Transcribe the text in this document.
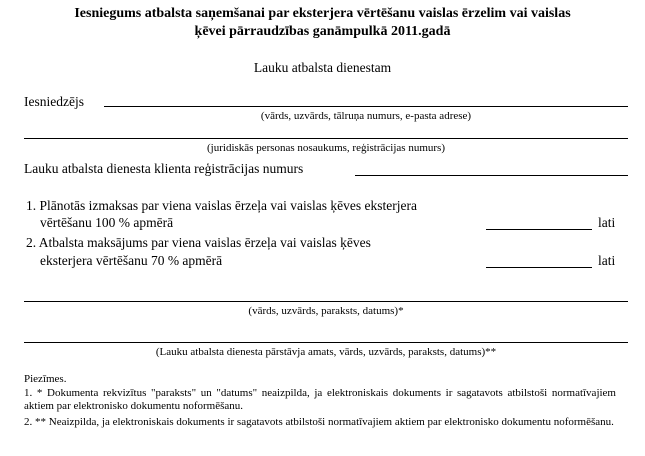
Iesniegums atbalsta saņemšanai par eksterjera vērtēšanu vaislas ērzelim vai vaislas
ķēvei pārraudzības ganāmpulkā 2011.gadā
Lauku atbalsta dienestam
Iesniedzējs
(vārds, uzvārds, tālruņa numurs, e-pasta adrese)
(juridiskās personas nosaukums, reģistrācijas numurs)
Lauku atbalsta dienesta klienta reģistrācijas numurs
1. Plānotās izmaksas par viena vaislas ērzeļa vai vaislas ķēves eksterjera
vērtēšanu 100 % apmērā	lati
2. Atbalsta maksājums par viena vaislas ērzeļa vai vaislas ķēves
eksterjera vērtēšanu 70 % apmērā	lati
(vārds, uzvārds, paraksts, datums)*
(Lauku atbalsta dienesta pārstāvja amats, vārds, uzvārds, paraksts, datums)**
Piezīmes.
1. * Dokumenta rekvizītus "paraksts" un "datums" neaizpilda, ja elektroniskais dokuments ir sagatavots atbilstoši normatīvajiem aktiem par elektronisko dokumentu noformēšanu.
2. ** Neaizpilda, ja elektroniskais dokuments ir sagatavots atbilstoši normatīvajiem aktiem par elektronisko dokumentu noformēšanu.
